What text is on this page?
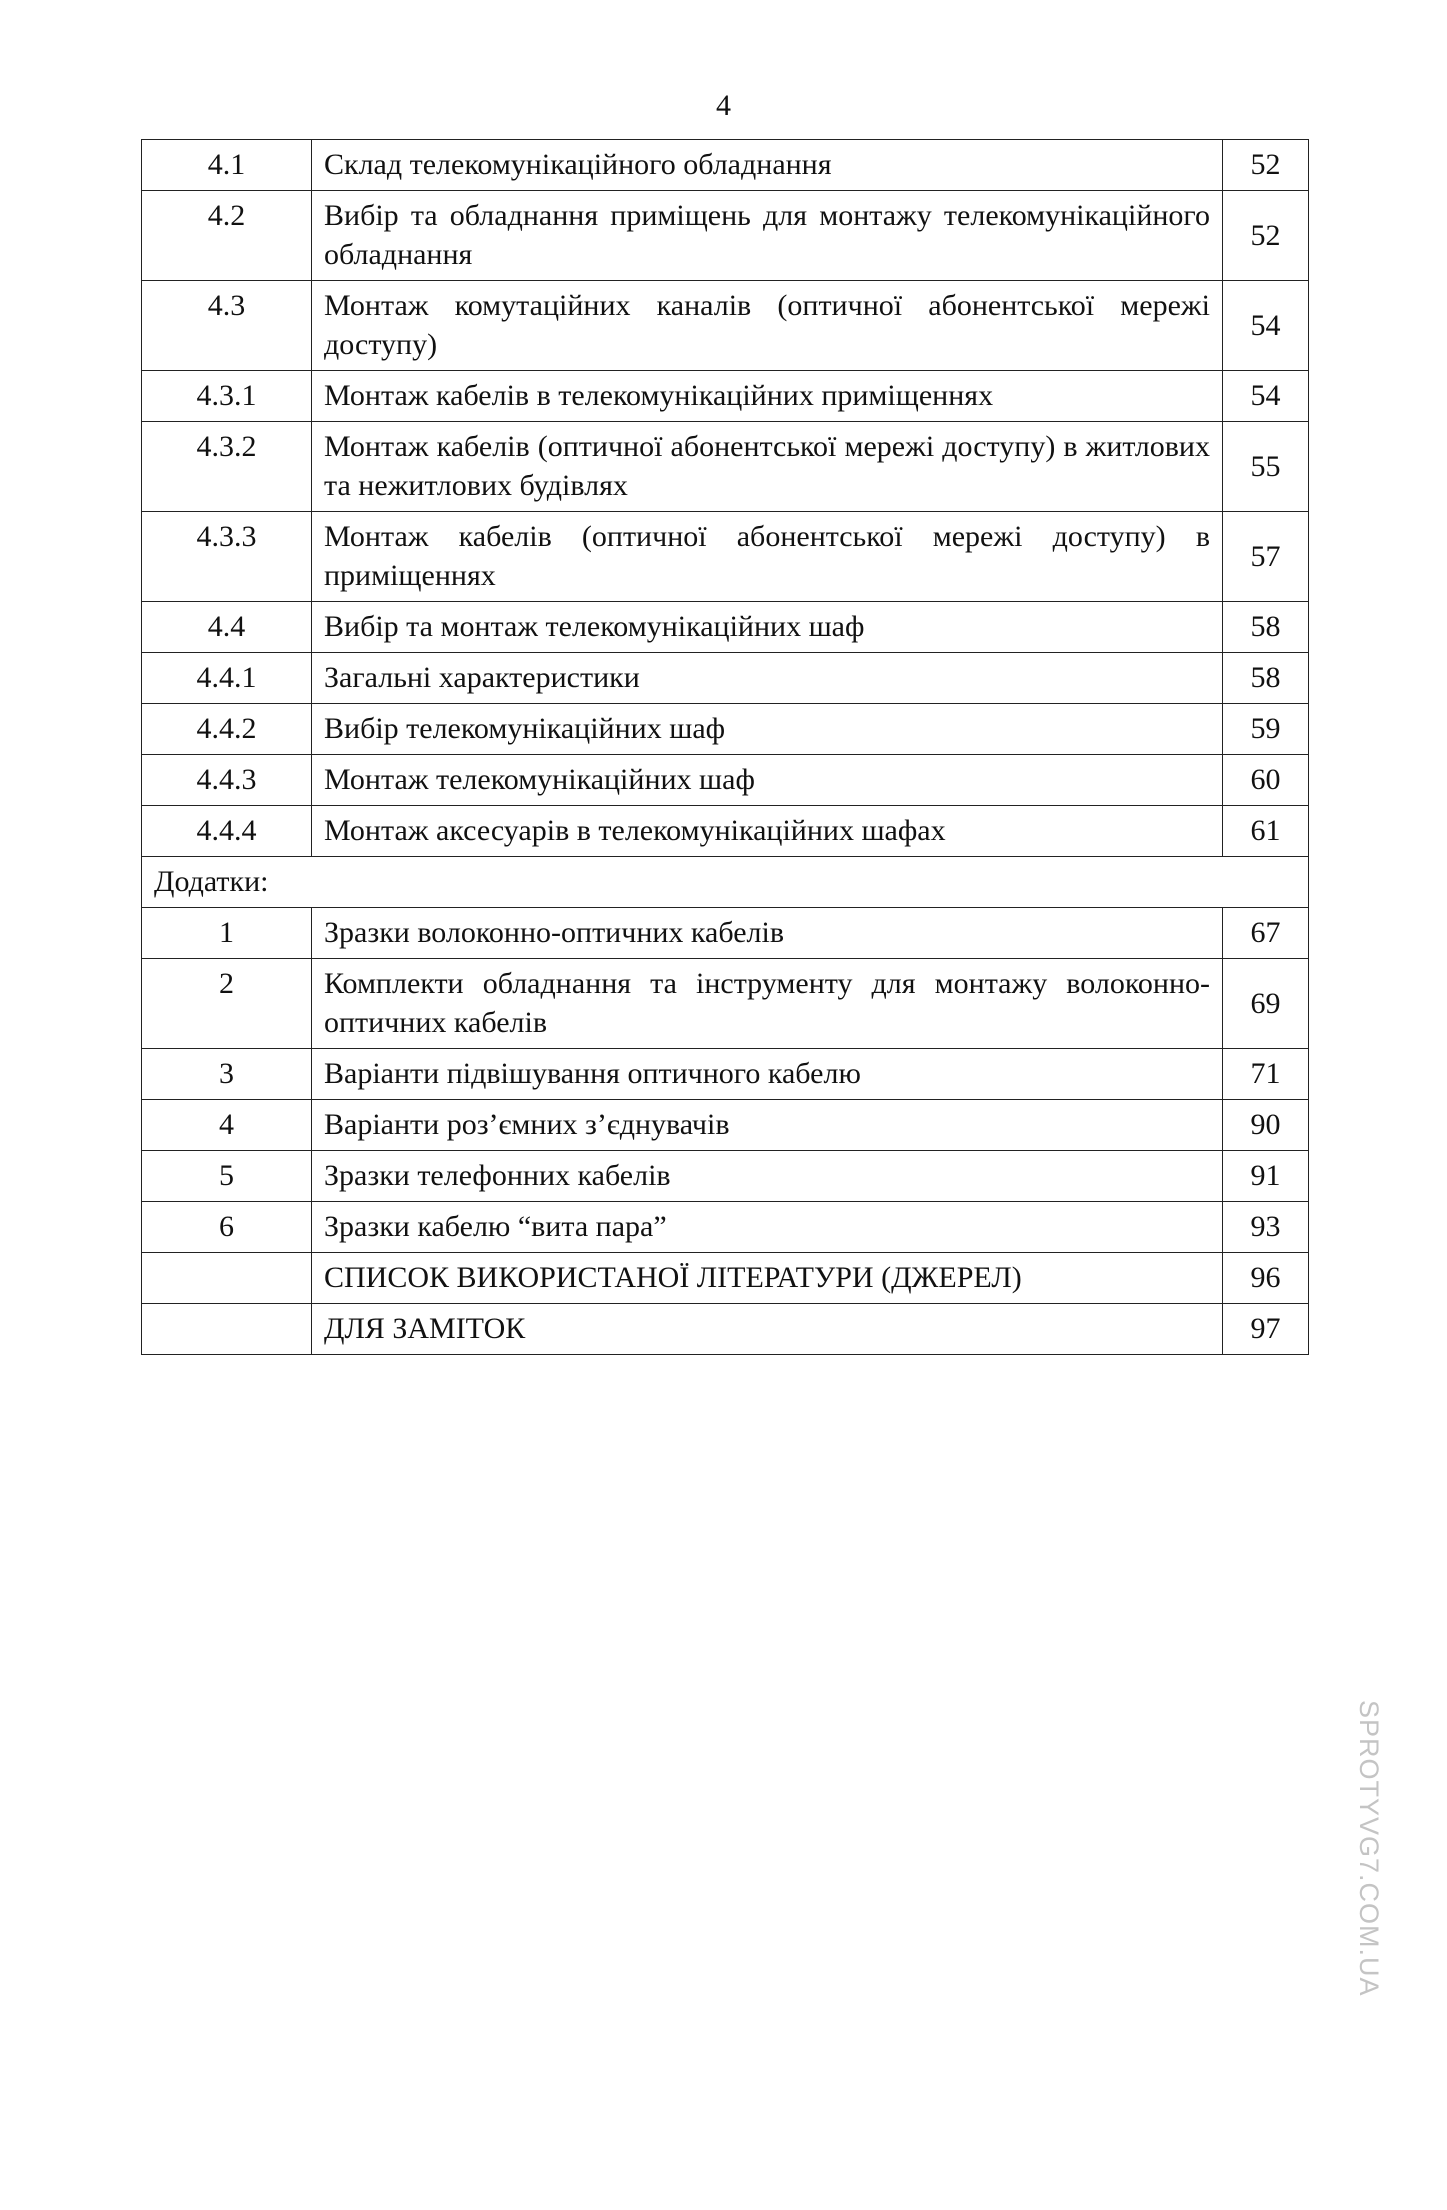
4
4.1	Склад телекомунікаційного обладнання	52
4.2	Вибір та обладнання приміщень для монтажу телекомунікаційного обладнання	52
4.3	Монтаж комутаційних каналів (оптичної абонентської мережі доступу)	54
4.3.1	Монтаж кабелів в телекомунікаційних приміщеннях	54
4.3.2	Монтаж кабелів (оптичної абонентської мережі доступу) в житлових та нежитлових будівлях	55
4.3.3	Монтаж кабелів (оптичної абонентської мережі доступу) в приміщеннях	57
4.4	Вибір та монтаж телекомунікаційних шаф	58
4.4.1	Загальні характеристики	58
4.4.2	Вибір телекомунікаційних шаф	59
4.4.3	Монтаж телекомунікаційних шаф	60
4.4.4	Монтаж аксесуарів в телекомунікаційних шафах	61
Додатки:		
1	Зразки волоконно-оптичних кабелів	67
2	Комплекти обладнання та інструменту для монтажу волоконно-оптичних кабелів	69
3	Варіанти підвішування оптичного кабелю	71
4	Варіанти роз’ємних з’єднувачів	90
5	Зразки телефонних кабелів	91
6	Зразки кабелю “вита пара”	93
	СПИСОК ВИКОРИСТАНОЇ ЛІТЕРАТУРИ (ДЖЕРЕЛ)	96
	ДЛЯ ЗАМІТОК	97
SPROTYVG7.COM.UA
